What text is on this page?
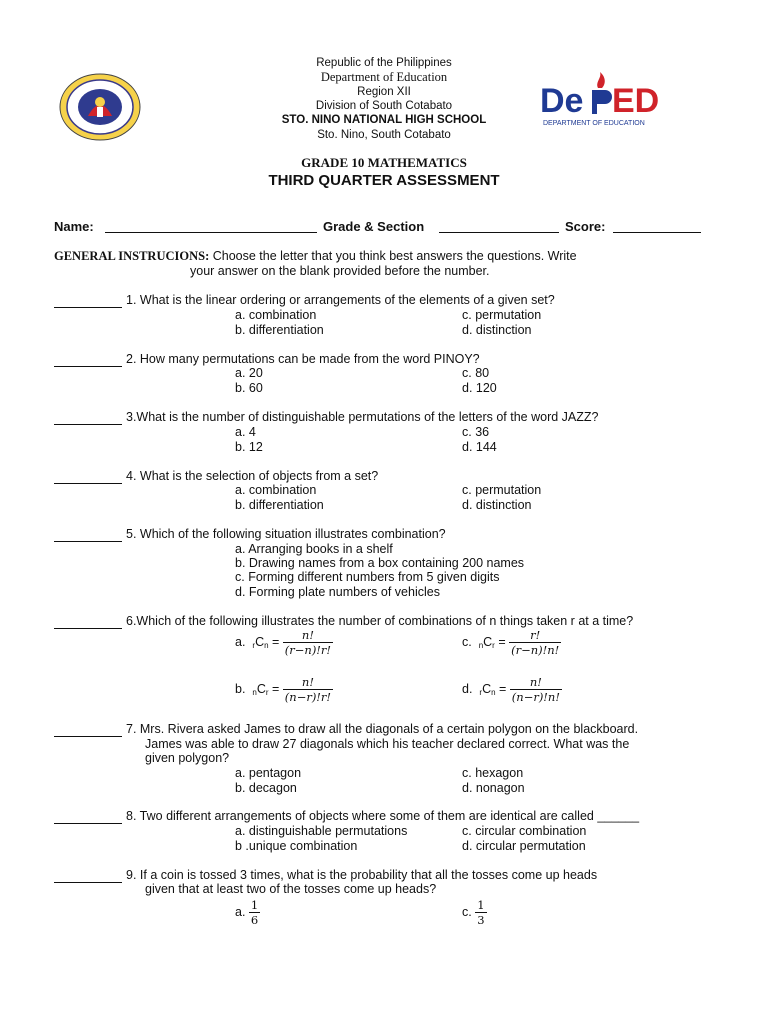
De ED
DEPARTMENT OF EDUCATION
Republic of the Philippines
Department of Education
Region XII
Division of South Cotabato
STO. NINO NATIONAL HIGH SCHOOL
Sto. Nino, South Cotabato
GRADE 10 MATHEMATICS
THIRD QUARTER ASSESSMENT
Name:	Grade & Section	Score:
GENERAL INSTRUCIONS: Choose the letter that you think best answers the questions. Write
your answer on the blank provided before the number.
1. What is the linear ordering or arrangements of the elements of a given set?
a. combination
b. differentiation
c. permutation
d. distinction
2. How many permutations can be made from the word PINOY?
a. 20
b. 60
c. 80
d. 120
3.What is the number of distinguishable permutations of the letters of the word JAZZ?
a. 4
b. 12
c. 36
d. 144
4. What is the selection of objects from a set?
a. combination
b. differentiation
c. permutation
d. distinction
5. Which of the following situation illustrates combination?
a. Arranging books in a shelf
b. Drawing names from a box containing 200 names
c. Forming different numbers from 5 given digits
d. Forming plate numbers of vehicles
6.Which of the following illustrates the number of combinations of n things taken r at a time?
a. $_rC_n = \frac{n!}{(r-n)!r!}$	c. $_nC_r = \frac{r!}{(r-n)!n!}$
b. $_nC_r = \frac{n!}{(n-r)!r!}$	d. $_rC_n = \frac{n!}{(n-r)!n!}$
7. Mrs. Rivera asked James to draw all the diagonals of a certain polygon on the blackboard.
James was able to draw 27 diagonals which his teacher declared correct. What was the
given polygon?
a. pentagon
b. decagon
c. hexagon
d. nonagon
8. Two different arrangements of objects where some of them are identical are called ______
a. distinguishable permutations
b .unique combination
c. circular combination
d. circular permutation
9. If a coin is tossed 3 times, what is the probability that all the tosses come up heads
given that at least two of the tosses come up heads?
a. $\frac{1}{6}$	c. $\frac{1}{3}$
